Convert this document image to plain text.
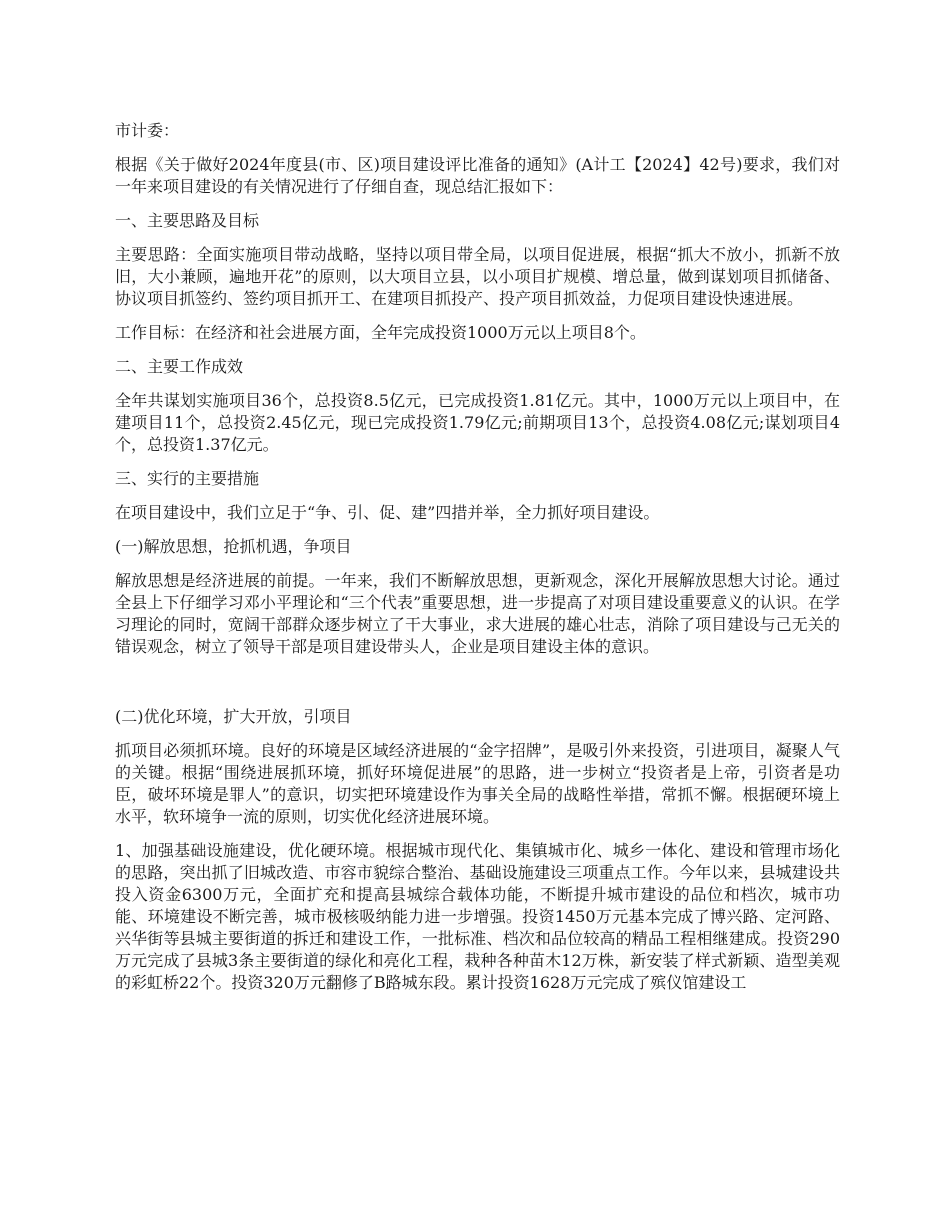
市计委：

根据《关于做好2024年度县(市、区)项目建设评比准备的通知》(A计工【2024】42号)要求，我们对一年来项目建设的有关情况进行了仔细自查，现总结汇报如下：

一、主要思路及目标

主要思路：全面实施项目带动战略，坚持以项目带全局，以项目促进展，根据“抓大不放小，抓新不放旧，大小兼顾，遍地开花”的原则，以大项目立县，以小项目扩规模、增总量，做到谋划项目抓储备、协议项目抓签约、签约项目抓开工、在建项目抓投产、投产项目抓效益，力促项目建设快速进展。

工作目标：在经济和社会进展方面，全年完成投资1000万元以上项目8个。

二、主要工作成效

全年共谋划实施项目36个，总投资8.5亿元，已完成投资1.81亿元。其中，1000万元以上项目中，在建项目11个，总投资2.45亿元，现已完成投资1.79亿元;前期项目13个，总投资4.08亿元;谋划项目4个，总投资1.37亿元。

三、实行的主要措施

在项目建设中，我们立足于“争、引、促、建”四措并举，全力抓好项目建设。

(一)解放思想，抢抓机遇，争项目

解放思想是经济进展的前提。一年来，我们不断解放思想，更新观念，深化开展解放思想大讨论。通过全县上下仔细学习邓小平理论和“三个代表”重要思想，进一步提高了对项目建设重要意义的认识。在学习理论的同时，宽阔干部群众逐步树立了干大事业，求大进展的雄心壮志，消除了项目建设与己无关的错误观念，树立了领导干部是项目建设带头人，企业是项目建设主体的意识。

(二)优化环境，扩大开放，引项目

抓项目必须抓环境。良好的环境是区域经济进展的“金字招牌”，是吸引外来投资，引进项目，凝聚人气的关键。根据“围绕进展抓环境，抓好环境促进展”的思路，进一步树立“投资者是上帝，引资者是功臣，破坏环境是罪人”的意识，切实把环境建设作为事关全局的战略性举措，常抓不懈。根据硬环境上水平，软环境争一流的原则，切实优化经济进展环境。

1、加强基础设施建设，优化硬环境。根据城市现代化、集镇城市化、城乡一体化、建设和管理市场化的思路，突出抓了旧城改造、市容市貌综合整治、基础设施建设三项重点工作。今年以来，县城建设共投入资金6300万元，全面扩充和提高县城综合载体功能，不断提升城市建设的品位和档次，城市功能、环境建设不断完善，城市极核吸纳能力进一步增强。投资1450万元基本完成了博兴路、定河路、兴华街等县城主要街道的拆迁和建设工作，一批标准、档次和品位较高的精品工程相继建成。投资290万元完成了县城3条主要街道的绿化和亮化工程，栽种各种苗木12万株，新安装了样式新颖、造型美观的彩虹桥22个。投资320万元翻修了B路城东段。累计投资1628万元完成了殡仪馆建设工
